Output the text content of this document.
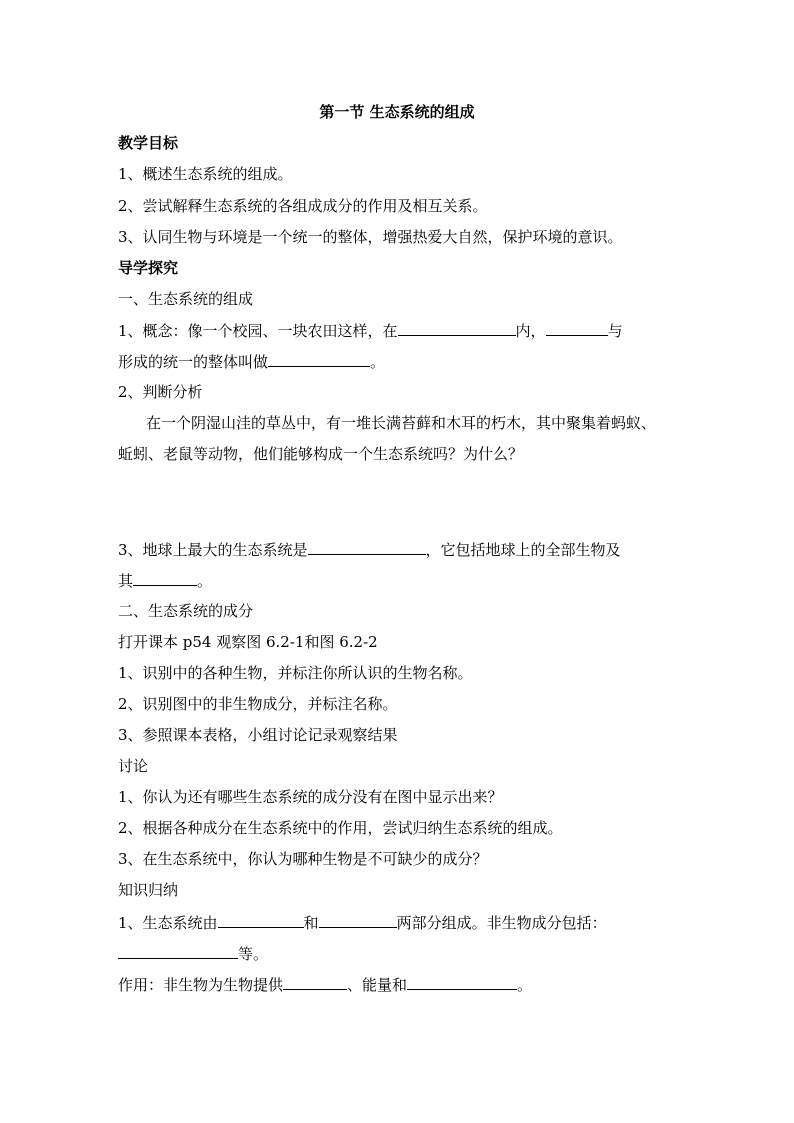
第一节 生态系统的组成
教学目标
1、概述生态系统的组成。
2、尝试解释生态系统的各组成成分的作用及相互关系。
3、认同生物与环境是一个统一的整体，增强热爱大自然，保护环境的意识。
导学探究
一、生态系统的组成
1、概念：像一个校园、一块农田这样，在	内，	与
形成的统一的整体叫做	。
2、判断分析
在一个阴湿山洼的草丛中，有一堆长满苔藓和木耳的朽木，其中聚集着蚂蚁、
蚯蚓、老鼠等动物，他们能够构成一个生态系统吗？为什么？
3、地球上最大的生态系统是	，它包括地球上的全部生物及
其	。
二、生态系统的成分
打开课本 p54 观察图 6.2-1和图 6.2-2
1、识别中的各种生物，并标注你所认识的生物名称。
2、识别图中的非生物成分，并标注名称。
3、参照课本表格，小组讨论记录观察结果
讨论
1、你认为还有哪些生态系统的成分没有在图中显示出来？
2、根据各种成分在生态系统中的作用，尝试归纳生态系统的组成。
3、在生态系统中，你认为哪种生物是不可缺少的成分？
知识归纳
1、生态系统由	和	两部分组成。非生物成分包括：
等。
作用：非生物为生物提供	、能量和	。
